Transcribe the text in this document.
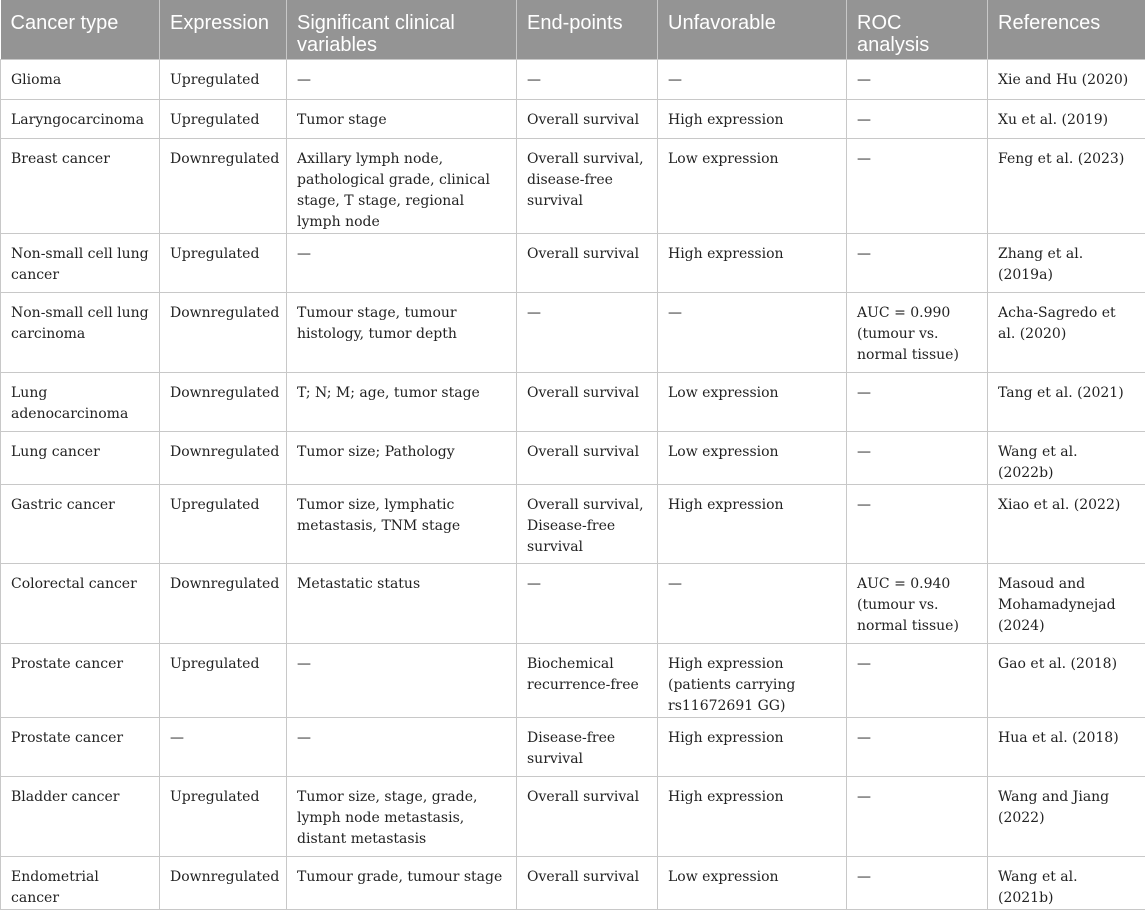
Cancer type	Expression	Significant clinical variables	End-points	Unfavorable	ROC analysis	References
Glioma	Upregulated	—	—	—	—	Xie and Hu (2020)
Laryngocarcinoma	Upregulated	Tumor stage	Overall survival	High expression	—	Xu et al. (2019)
Breast cancer	Downregulated	Axillary lymph node, pathological grade, clinical stage, T stage, regional lymph node	Overall survival, disease-free survival	Low expression	—	Feng et al. (2023)
Non-small cell lung cancer	Upregulated	—	Overall survival	High expression	—	Zhang et al. (2019a)
Non-small cell lung carcinoma	Downregulated	Tumour stage, tumour histology, tumor depth	—	—	AUC = 0.990 (tumour vs. normal tissue)	Acha-Sagredo et al. (2020)
Lung adenocarcinoma	Downregulated	T; N; M; age, tumor stage	Overall survival	Low expression	—	Tang et al. (2021)
Lung cancer	Downregulated	Tumor size; Pathology	Overall survival	Low expression	—	Wang et al. (2022b)
Gastric cancer	Upregulated	Tumor size, lymphatic metastasis, TNM stage	Overall survival, Disease-free survival	High expression	—	Xiao et al. (2022)
Colorectal cancer	Downregulated	Metastatic status	—	—	AUC = 0.940 (tumour vs. normal tissue)	Masoud and Mohamadynejad (2024)
Prostate cancer	Upregulated	—	Biochemical recurrence-free	High expression (patients carrying rs11672691 GG)	—	Gao et al. (2018)
Prostate cancer	—	—	Disease-free survival	High expression	—	Hua et al. (2018)
Bladder cancer	Upregulated	Tumor size, stage, grade, lymph node metastasis, distant metastasis	Overall survival	High expression	—	Wang and Jiang (2022)
Endometrial cancer	Downregulated	Tumour grade, tumour stage	Overall survival	Low expression	—	Wang et al. (2021b)
